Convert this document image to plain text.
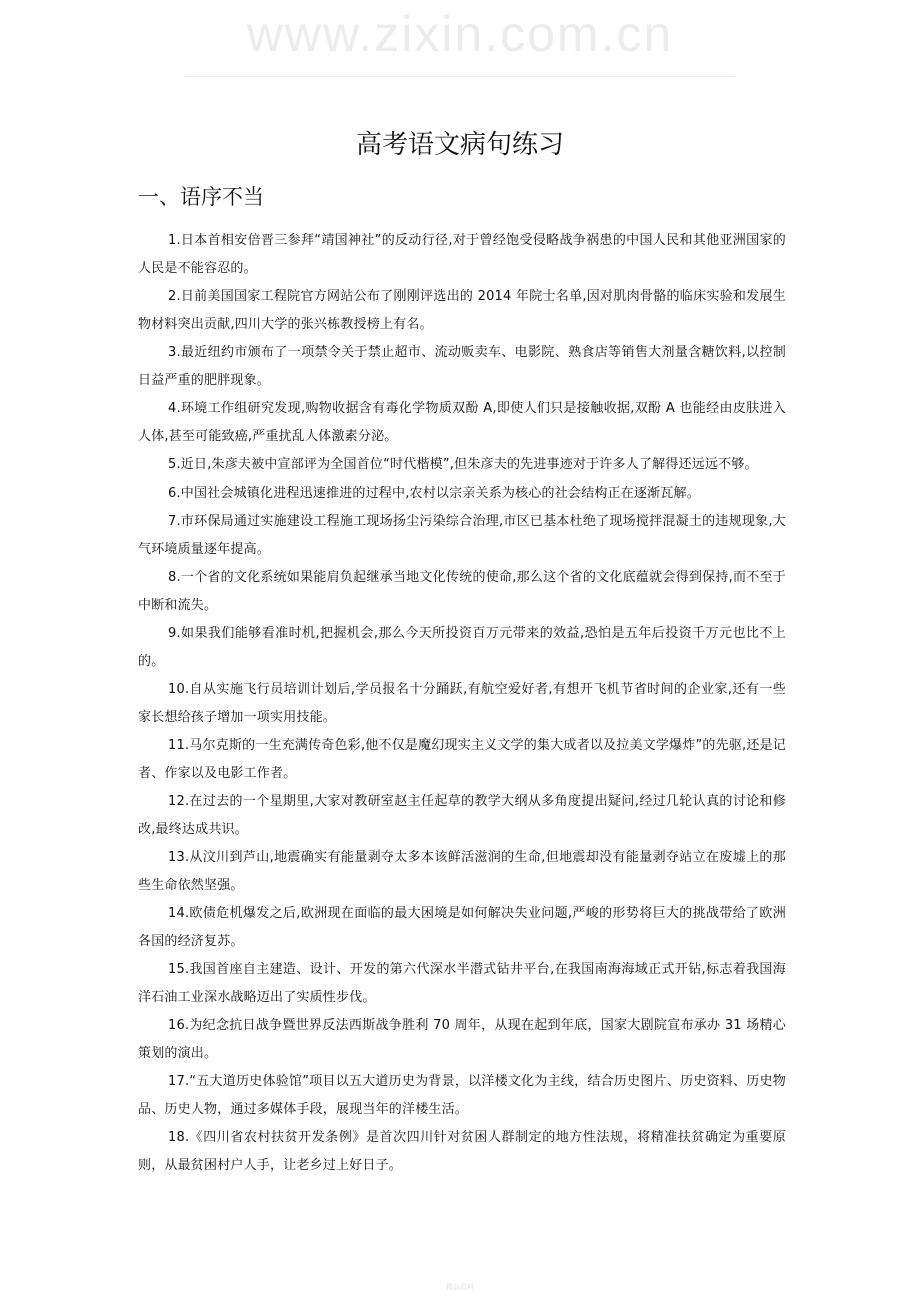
www.zixin.com.cn
高考语文病句练习
一、语序不当

1.日本首相安倍晋三参拜“靖国神社”的反动行径,对于曾经饱受侵略战争祸患的中国人民和其他亚洲国家的人民是不能容忍的。

2.日前美国国家工程院官方网站公布了刚刚评选出的 2014 年院士名单,因对肌肉骨骼的临床实验和发展生物材料突出贡献,四川大学的张兴栋教授榜上有名。

3.最近纽约市颁布了一项禁令关于禁止超市、流动贩卖车、电影院、熟食店等销售大剂量含糖饮料,以控制日益严重的肥胖现象。

4.环境工作组研究发现,购物收据含有毒化学物质双酚 A,即使人们只是接触收据,双酚 A 也能经由皮肤进入人体,甚至可能致癌,严重扰乱人体激素分泌。

5.近日,朱彦夫被中宣部评为全国首位“时代楷模”,但朱彦夫的先进事迹对于许多人了解得还远远不够。

6.中国社会城镇化进程迅速推进的过程中,农村以宗亲关系为核心的社会结构正在逐渐瓦解。

7.市环保局通过实施建设工程施工现场扬尘污染综合治理,市区已基本杜绝了现场搅拌混凝土的违规现象,大气环境质量逐年提高。

8.一个省的文化系统如果能肩负起继承当地文化传统的使命,那么这个省的文化底蕴就会得到保持,而不至于中断和流失。

9.如果我们能够看准时机,把握机会,那么今天所投资百万元带来的效益,恐怕是五年后投资千万元也比不上的。

10.自从实施飞行员培训计划后,学员报名十分踊跃,有航空爱好者,有想开飞机节省时间的企业家,还有一些家长想给孩子增加一项实用技能。

11.马尔克斯的一生充满传奇色彩,他不仅是魔幻现实主义文学的集大成者以及拉美文学爆炸”的先驱,还是记者、作家以及电影工作者。

12.在过去的一个星期里,大家对教研室赵主任起草的教学大纲从多角度提出疑问,经过几轮认真的讨论和修改,最终达成共识。

13.从汶川到芦山,地震确实有能量剥夺太多本该鲜活滋润的生命,但地震却没有能量剥夺站立在废墟上的那些生命依然坚强。

14.欧债危机爆发之后,欧洲现在面临的最大困境是如何解决失业问题,严峻的形势将巨大的挑战带给了欧洲各国的经济复苏。

15.我国首座自主建造、设计、开发的第六代深水半潜式钻井平台,在我国南海海域正式开钻,标志着我国海洋石油工业深水战略迈出了实质性步伐。

16.为纪念抗日战争暨世界反法西斯战争胜利 70 周年，从现在起到年底，国家大剧院宣布承办 31 场精心策划的演出。

17.“五大道历史体验馆”项目以五大道历史为背景，以洋楼文化为主线，结合历史图片、历史资料、历史物品、历史人物，通过多媒体手段，展现当年的洋楼生活。

18.《四川省农村扶贫开发条例》是首次四川针对贫困人群制定的地方性法规，将精准扶贫确定为重要原则，从最贫困村户人手，让老乡过上好日子。

精品资料
